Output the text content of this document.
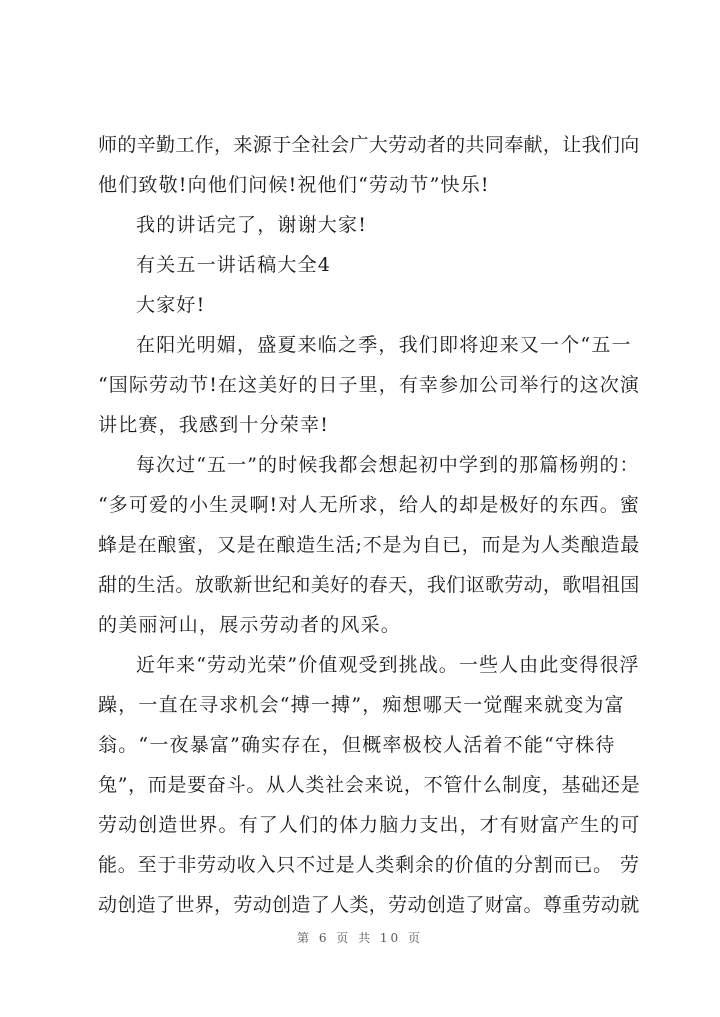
师的辛勤工作，来源于全社会广大劳动者的共同奉献，让我们向
他们致敬!向他们问候!祝他们“劳动节”快乐!
我的讲话完了，谢谢大家!
有关五一讲话稿大全4
大家好!
在阳光明媚，盛夏来临之季，我们即将迎来又一个“五一
“国际劳动节!在这美好的日子里，有幸参加公司举行的这次演
讲比赛，我感到十分荣幸!
每次过“五一”的时候我都会想起初中学到的那篇杨朔的：
“多可爱的小生灵啊!对人无所求，给人的却是极好的东西。蜜
蜂是在酿蜜，又是在酿造生活;不是为自已，而是为人类酿造最
甜的生活。放歌新世纪和美好的春天，我们讴歌劳动，歌唱祖国
的美丽河山，展示劳动者的风采。
近年来“劳动光荣”价值观受到挑战。一些人由此变得很浮
躁，一直在寻求机会“搏一搏”，痴想哪天一觉醒来就变为富
翁。“一夜暴富”确实存在，但概率极校人活着不能“守株待
兔”，而是要奋斗。从人类社会来说，不管什么制度，基础还是
劳动创造世界。有了人们的体力脑力支出，才有财富产生的可
能。至于非劳动收入只不过是人类剩余的价值的分割而已。 劳
动创造了世界，劳动创造了人类，劳动创造了财富。尊重劳动就
第 6 页 共 10 页
